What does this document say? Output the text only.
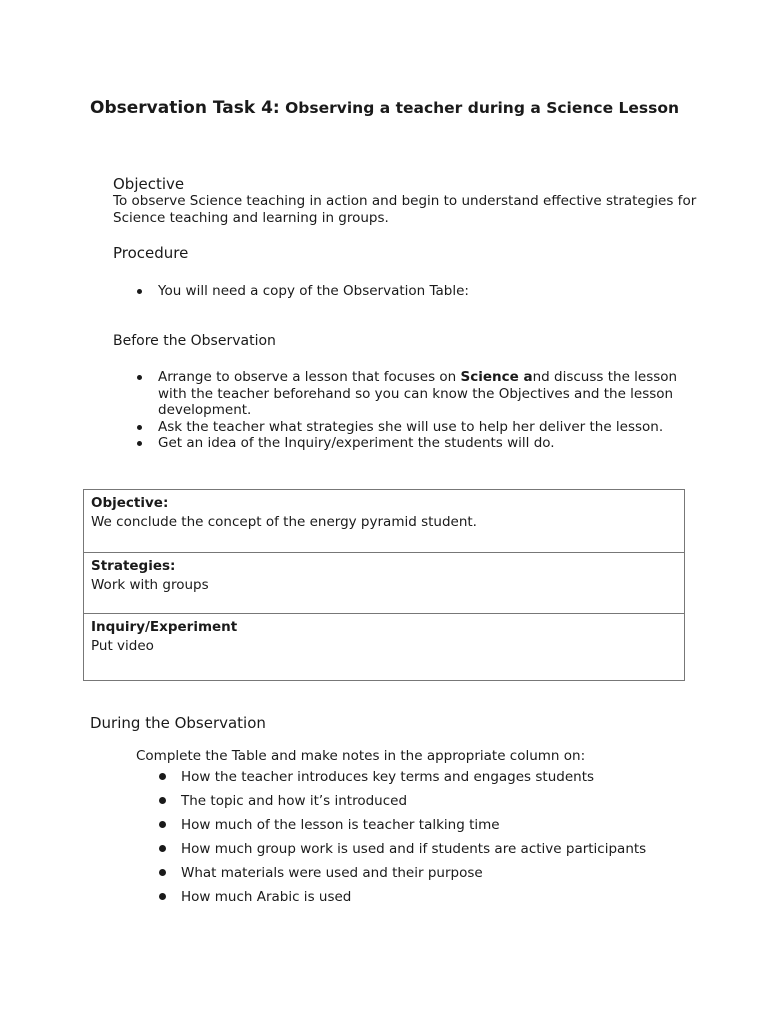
Observation Task 4: Observing a teacher during a Science Lesson
Objective
To observe Science teaching in action and begin to understand effective strategies for Science teaching and learning in groups.
Procedure
You will need a copy of the Observation Table:
Before the Observation
Arrange to observe a lesson that focuses on Science and discuss the lesson with the teacher beforehand so you can know the Objectives and the lesson development.
Ask the teacher what strategies she will use to help her deliver the lesson.
Get an idea of the Inquiry/experiment the students will do.
Objective:
We conclude the concept of the energy pyramid student.
Strategies:
Work with groups
Inquiry/Experiment
Put video
During the Observation
Complete the Table and make notes in the appropriate column on:
How the teacher introduces key terms and engages students
The topic and how it’s introduced
How much of the lesson is teacher talking time
How much group work is used and if students are active participants
What materials were used and their purpose
How much Arabic is used
